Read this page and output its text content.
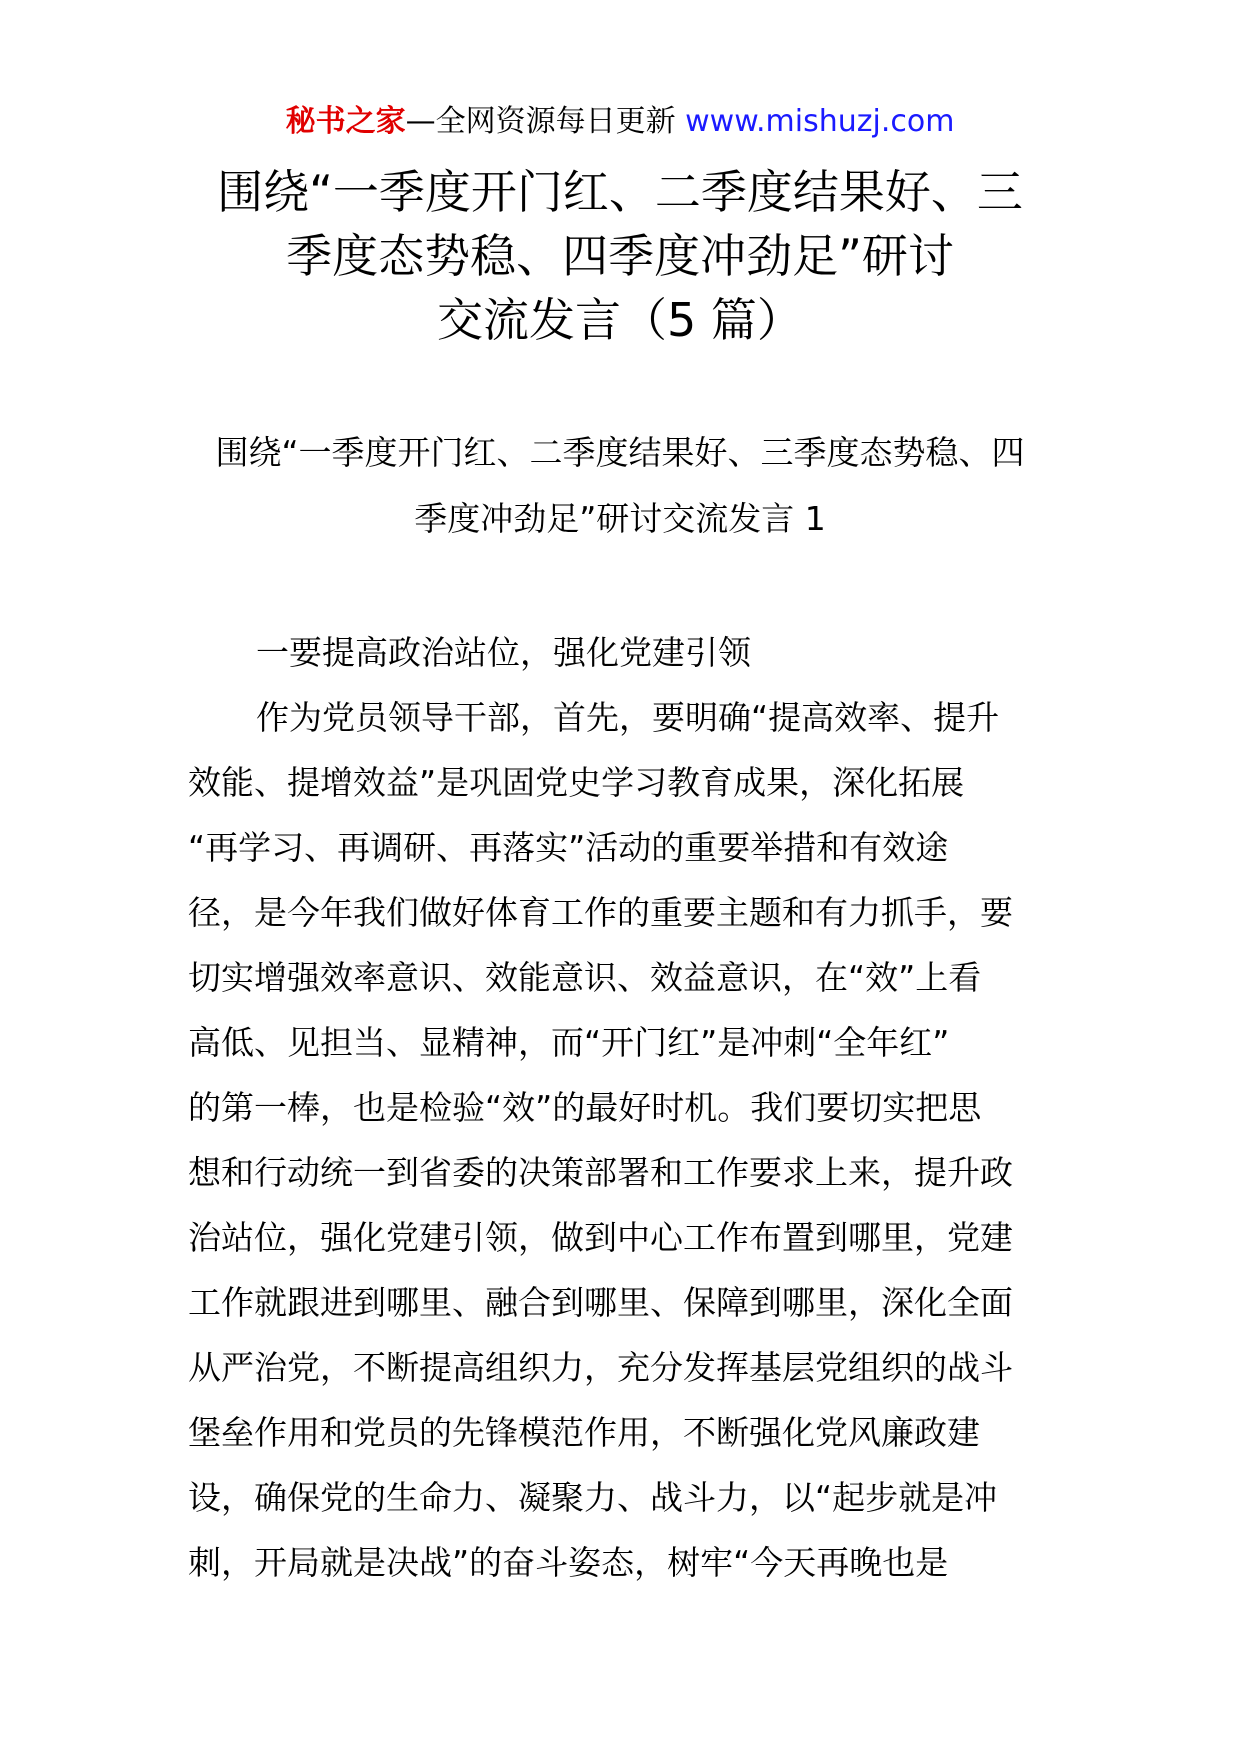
秘书之家—全网资源每日更新 www.mishuzj.com
围绕“一季度开门红、二季度结果好、三
季度态势稳、四季度冲劲足”研讨
交流发言（5 篇）
围绕“一季度开门红、二季度结果好、三季度态势稳、四
季度冲劲足”研讨交流发言 1
一要提高政治站位，强化党建引领
作为党员领导干部，首先，要明确“提高效率、提升
效能、提增效益”是巩固党史学习教育成果，深化拓展
“再学习、再调研、再落实”活动的重要举措和有效途
径，是今年我们做好体育工作的重要主题和有力抓手，要
切实增强效率意识、效能意识、效益意识，在“效”上看
高低、见担当、显精神，而“开门红”是冲刺“全年红”
的第一棒，也是检验“效”的最好时机。我们要切实把思
想和行动统一到省委的决策部署和工作要求上来，提升政
治站位，强化党建引领，做到中心工作布置到哪里，党建
工作就跟进到哪里、融合到哪里、保障到哪里，深化全面
从严治党，不断提高组织力，充分发挥基层党组织的战斗
堡垒作用和党员的先锋模范作用，不断强化党风廉政建
设，确保党的生命力、凝聚力、战斗力，以“起步就是冲
刺，开局就是决战”的奋斗姿态，树牢“今天再晚也是
